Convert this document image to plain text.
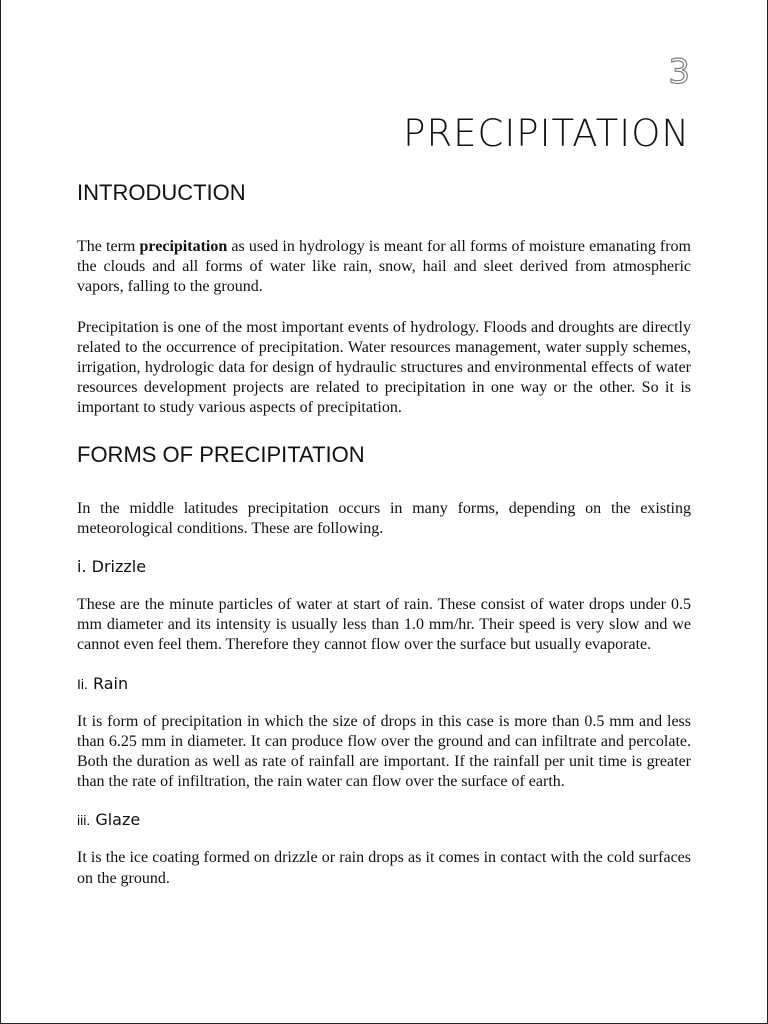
3
PRECIPITATION
INTRODUCTION

The term precipitation as used in hydrology is meant for all forms of moisture emanating from the clouds and all forms of water like rain, snow, hail and sleet derived from atmospheric vapors, falling to the ground.

Precipitation is one of the most important events of hydrology. Floods and droughts are directly related to the occurrence of precipitation. Water resources management, water supply schemes, irrigation, hydrologic data for design of hydraulic structures and environmental effects of water resources development projects are related to precipitation in one way or the other. So it is important to study various aspects of precipitation.

FORMS OF PRECIPITATION

In the middle latitudes precipitation occurs in many forms, depending on the existing meteorological conditions. These are following.

i. Drizzle

These are the minute particles of water at start of rain. These consist of water drops under 0.5 mm diameter and its intensity is usually less than 1.0 mm/hr. Their speed is very slow and we cannot even feel them. Therefore they cannot flow over the surface but usually evaporate.

Ii. Rain

It is form of precipitation in which the size of drops in this case is more than 0.5 mm and less than 6.25 mm in diameter. It can produce flow over the ground and can infiltrate and percolate. Both the duration as well as rate of rainfall are important. If the rainfall per unit time is greater than the rate of infiltration, the rain water can flow over the surface of earth.

iii. Glaze

It is the ice coating formed on drizzle or rain drops as it comes in contact with the cold surfaces on the ground.
